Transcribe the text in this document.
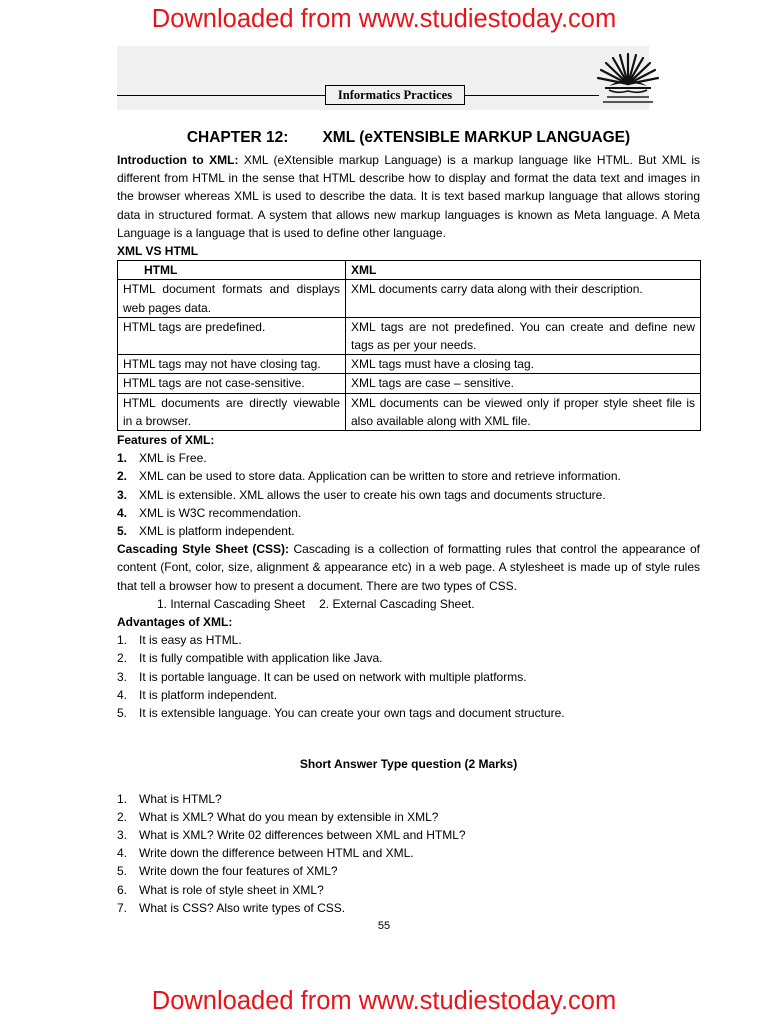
Downloaded from www.studiestoday.com
Informatics Practices

CHAPTER 12: XML (eXTENSIBLE MARKUP LANGUAGE)

Introduction to XML: XML (eXtensible markup Language) is a markup language like HTML. But XML is different from HTML in the sense that HTML describe how to display and format the data text and images in the browser whereas XML is used to describe the data. It is text based markup language that allows storing data in structured format. A system that allows new markup languages is known as Meta language. A Meta Language is a language that is used to define other language.

XML VS HTML

HTML	XML
HTML document formats and displays web pages data.	XML documents carry data along with their description.
HTML tags are predefined.	XML tags are not predefined. You can create and define new tags as per your needs.
HTML tags may not have closing tag.	XML tags must have a closing tag.
HTML tags are not case-sensitive.	XML tags are case – sensitive.
HTML documents are directly viewable in a browser.	XML documents can be viewed only if proper style sheet file is also available along with XML file.

Features of XML:

1. XML is Free.
2. XML can be used to store data. Application can be written to store and retrieve information.
3. XML is extensible. XML allows the user to create his own tags and documents structure.
4. XML is W3C recommendation.
5. XML is platform independent.

Cascading Style Sheet (CSS): Cascading is a collection of formatting rules that control the appearance of content (Font, color, size, alignment & appearance etc) in a web page. A stylesheet is made up of style rules that tell a browser how to present a document. There are two types of CSS.

1. Internal Cascading Sheet 2. External Cascading Sheet.

Advantages of XML:

1. It is easy as HTML.
2. It is fully compatible with application like Java.
3. It is portable language. It can be used on network with multiple platforms.
4. It is platform independent.
5. It is extensible language. You can create your own tags and document structure.

Short Answer Type question (2 Marks)

1. What is HTML?
2. What is XML? What do you mean by extensible in XML?
3. What is XML? Write 02 differences between XML and HTML?
4. Write down the difference between HTML and XML.
5. Write down the four features of XML?
6. What is role of style sheet in XML?
7. What is CSS? Also write types of CSS.
55
Downloaded from www.studiestoday.com
